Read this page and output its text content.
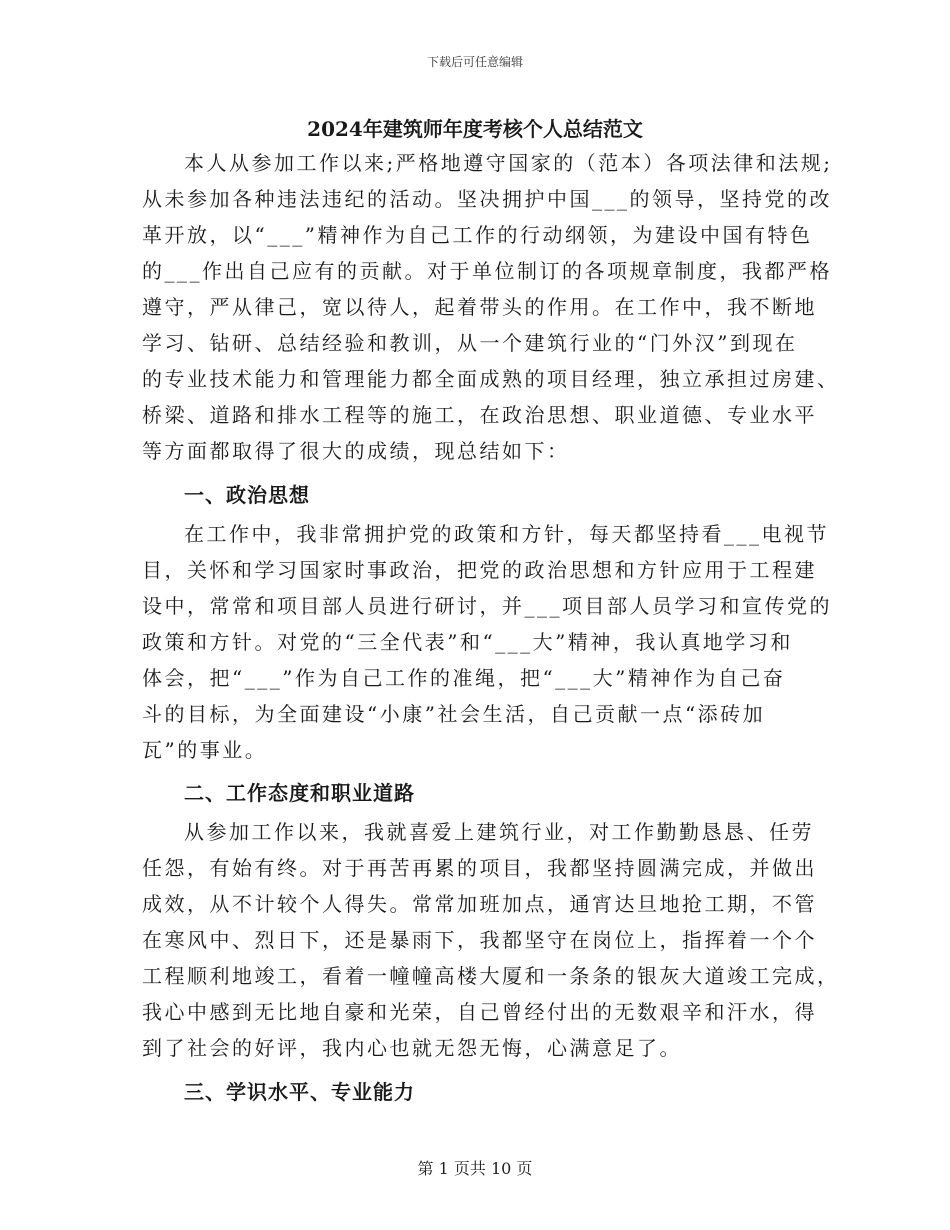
下载后可任意编辑
2024年建筑师年度考核个人总结范文
本人从参加工作以来;严格地遵守国家的（范本）各项法律和法规;
从未参加各种违法违纪的活动。坚决拥护中国___的领导，坚持党的改
革开放，以“___”精神作为自己工作的行动纲领，为建设中国有特色
的___作出自己应有的贡献。对于单位制订的各项规章制度，我都严格
遵守，严从律己，宽以待人，起着带头的作用。在工作中，我不断地
学习、钻研、总结经验和教训，从一个建筑行业的“门外汉”到现在
的专业技术能力和管理能力都全面成熟的项目经理，独立承担过房建、
桥梁、道路和排水工程等的施工，在政治思想、职业道德、专业水平
等方面都取得了很大的成绩，现总结如下：
一、政治思想
在工作中，我非常拥护党的政策和方针，每天都坚持看___电视节
目，关怀和学习国家时事政治，把党的政治思想和方针应用于工程建
设中，常常和项目部人员进行研讨，并___项目部人员学习和宣传党的
政策和方针。对党的“三全代表”和“___大”精神，我认真地学习和
体会，把“___”作为自己工作的准绳，把“___大”精神作为自己奋
斗的目标，为全面建设“小康”社会生活，自己贡献一点“添砖加
瓦”的事业。
二、工作态度和职业道路
从参加工作以来，我就喜爱上建筑行业，对工作勤勤恳恳、任劳
任怨，有始有终。对于再苦再累的项目，我都坚持圆满完成，并做出
成效，从不计较个人得失。常常加班加点，通宵达旦地抢工期，不管
在寒风中、烈日下，还是暴雨下，我都坚守在岗位上，指挥着一个个
工程顺利地竣工，看着一幢幢高楼大厦和一条条的银灰大道竣工完成，
我心中感到无比地自豪和光荣，自己曾经付出的无数艰辛和汗水，得
到了社会的好评，我内心也就无怨无悔，心满意足了。
三、学识水平、专业能力
第 1 页共 10 页
